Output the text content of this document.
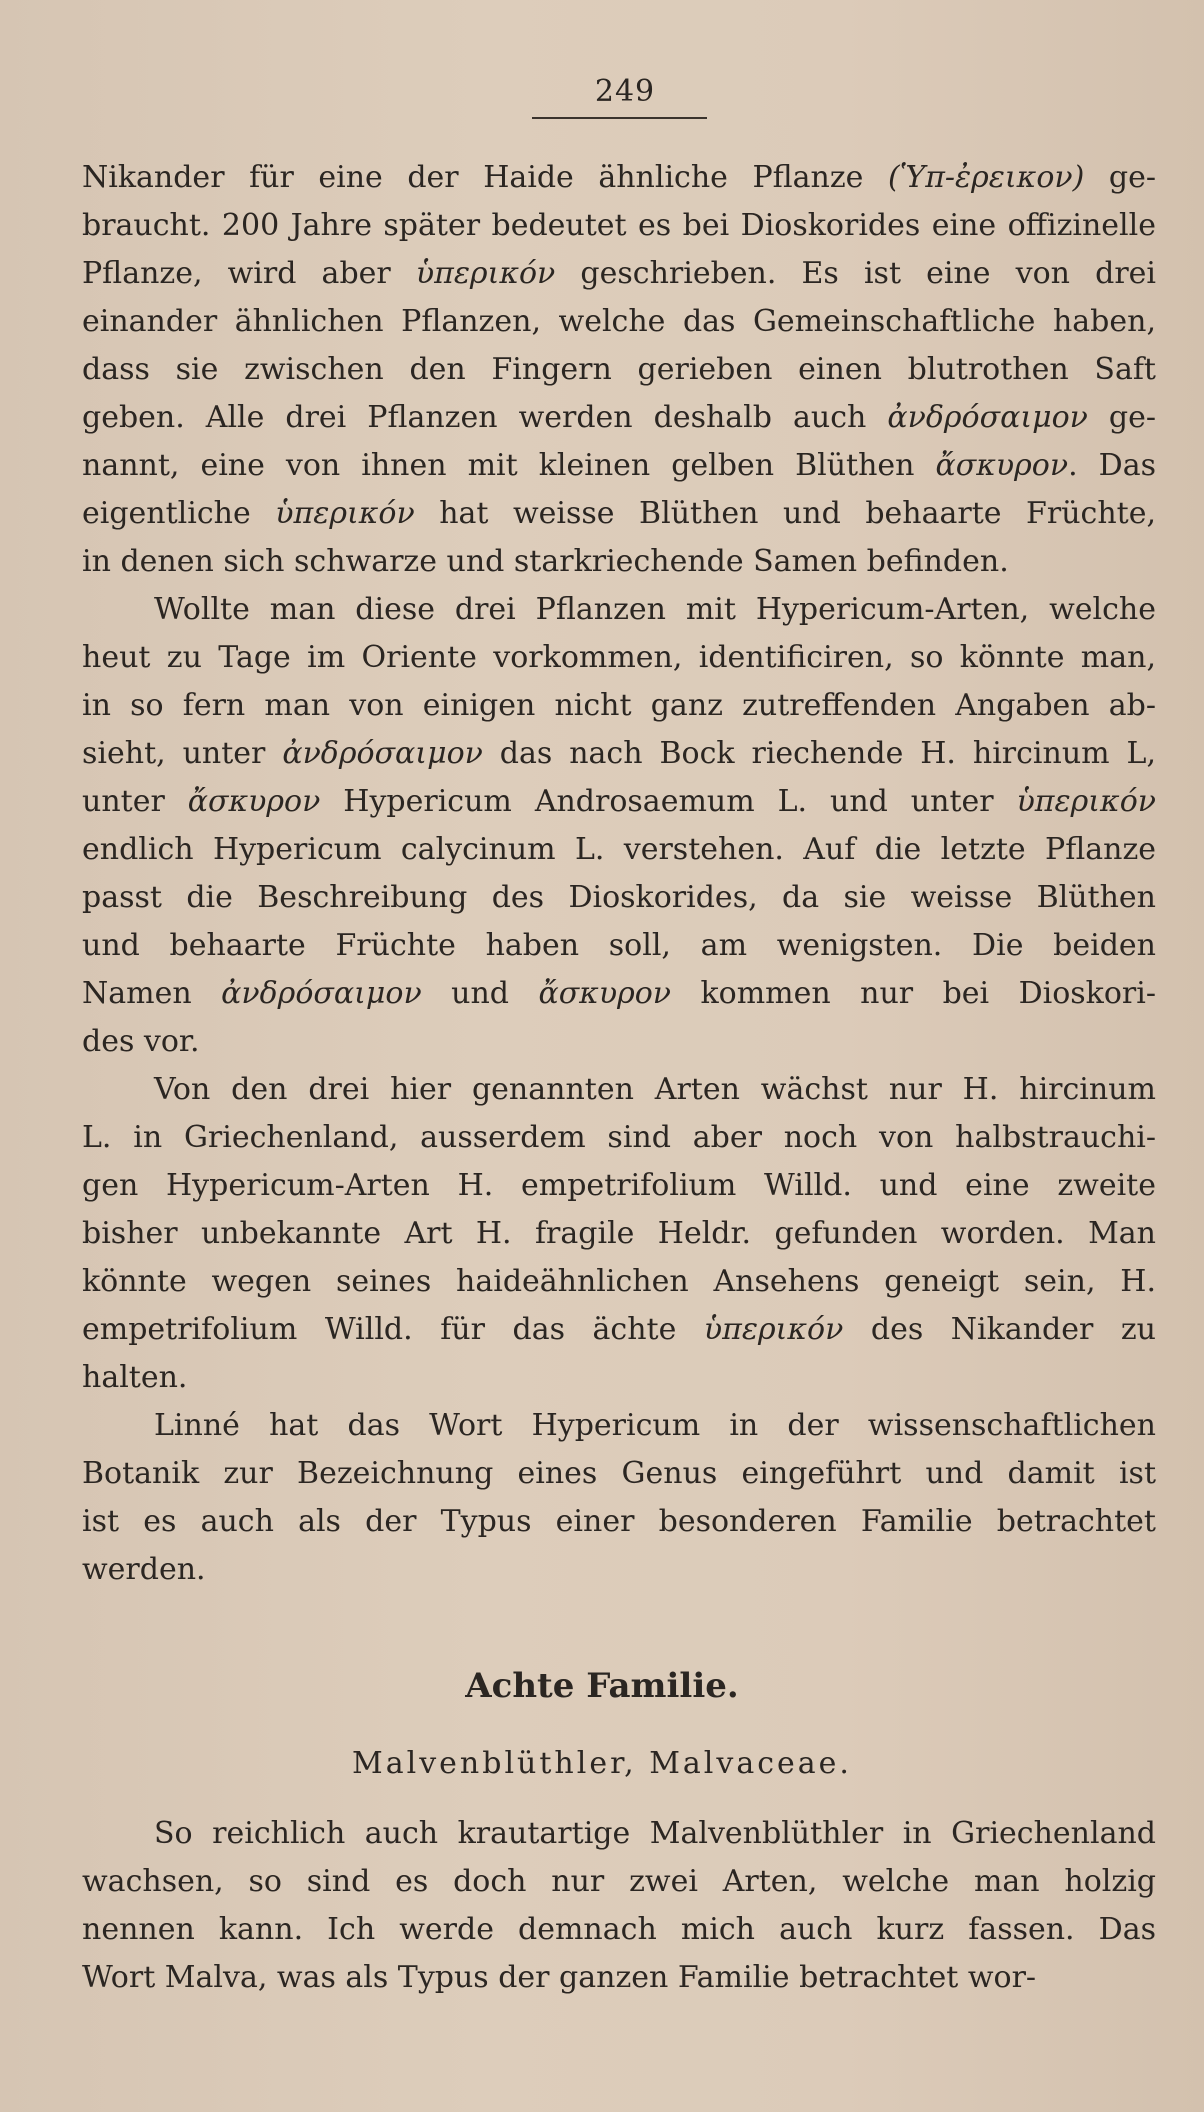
249
Nikander für eine der Haide ähnliche Pflanze (Ὑπ-ἐρεικον) ge-
braucht. 200 Jahre später bedeutet es bei Dioskorides eine offizinelle
Pflanze, wird aber ὑπερικόν geschrieben. Es ist eine von drei
einander ähnlichen Pflanzen, welche das Gemeinschaftliche haben,
dass sie zwischen den Fingern gerieben einen blutrothen Saft
geben. Alle drei Pflanzen werden deshalb auch ἀνδρόσαιμον ge-
nannt, eine von ihnen mit kleinen gelben Blüthen ἄσκυρον. Das
eigentliche ὑπερικόν hat weisse Blüthen und behaarte Früchte,
in denen sich schwarze und starkriechende Samen befinden.
Wollte man diese drei Pflanzen mit Hypericum-Arten, welche
heut zu Tage im Oriente vorkommen, identificiren, so könnte man,
in so fern man von einigen nicht ganz zutreffenden Angaben ab-
sieht, unter ἀνδρόσαιμον das nach Bock riechende H. hircinum L,
unter ἄσκυρον Hypericum Androsaemum L. und unter ὑπερικόν
endlich Hypericum calycinum L. verstehen. Auf die letzte Pflanze
passt die Beschreibung des Dioskorides, da sie weisse Blüthen
und behaarte Früchte haben soll, am wenigsten. Die beiden
Namen ἀνδρόσαιμον und ἄσκυρον kommen nur bei Dioskori-
des vor.
Von den drei hier genannten Arten wächst nur H. hircinum
L. in Griechenland, ausserdem sind aber noch von halbstrauchi-
gen Hypericum-Arten H. empetrifolium Willd. und eine zweite
bisher unbekannte Art H. fragile Heldr. gefunden worden. Man
könnte wegen seines haideähnlichen Ansehens geneigt sein, H.
empetrifolium Willd. für das ächte ὑπερικόν des Nikander zu
halten.
Linné hat das Wort Hypericum in der wissenschaftlichen
Botanik zur Bezeichnung eines Genus eingeführt und damit ist
ist es auch als der Typus einer besonderen Familie betrachtet
werden.
Achte Familie.
Malvenblüthler, Malvaceae.
So reichlich auch krautartige Malvenblüthler in Griechenland
wachsen, so sind es doch nur zwei Arten, welche man holzig
nennen kann. Ich werde demnach mich auch kurz fassen. Das
Wort Malva, was als Typus der ganzen Familie betrachtet wor-
